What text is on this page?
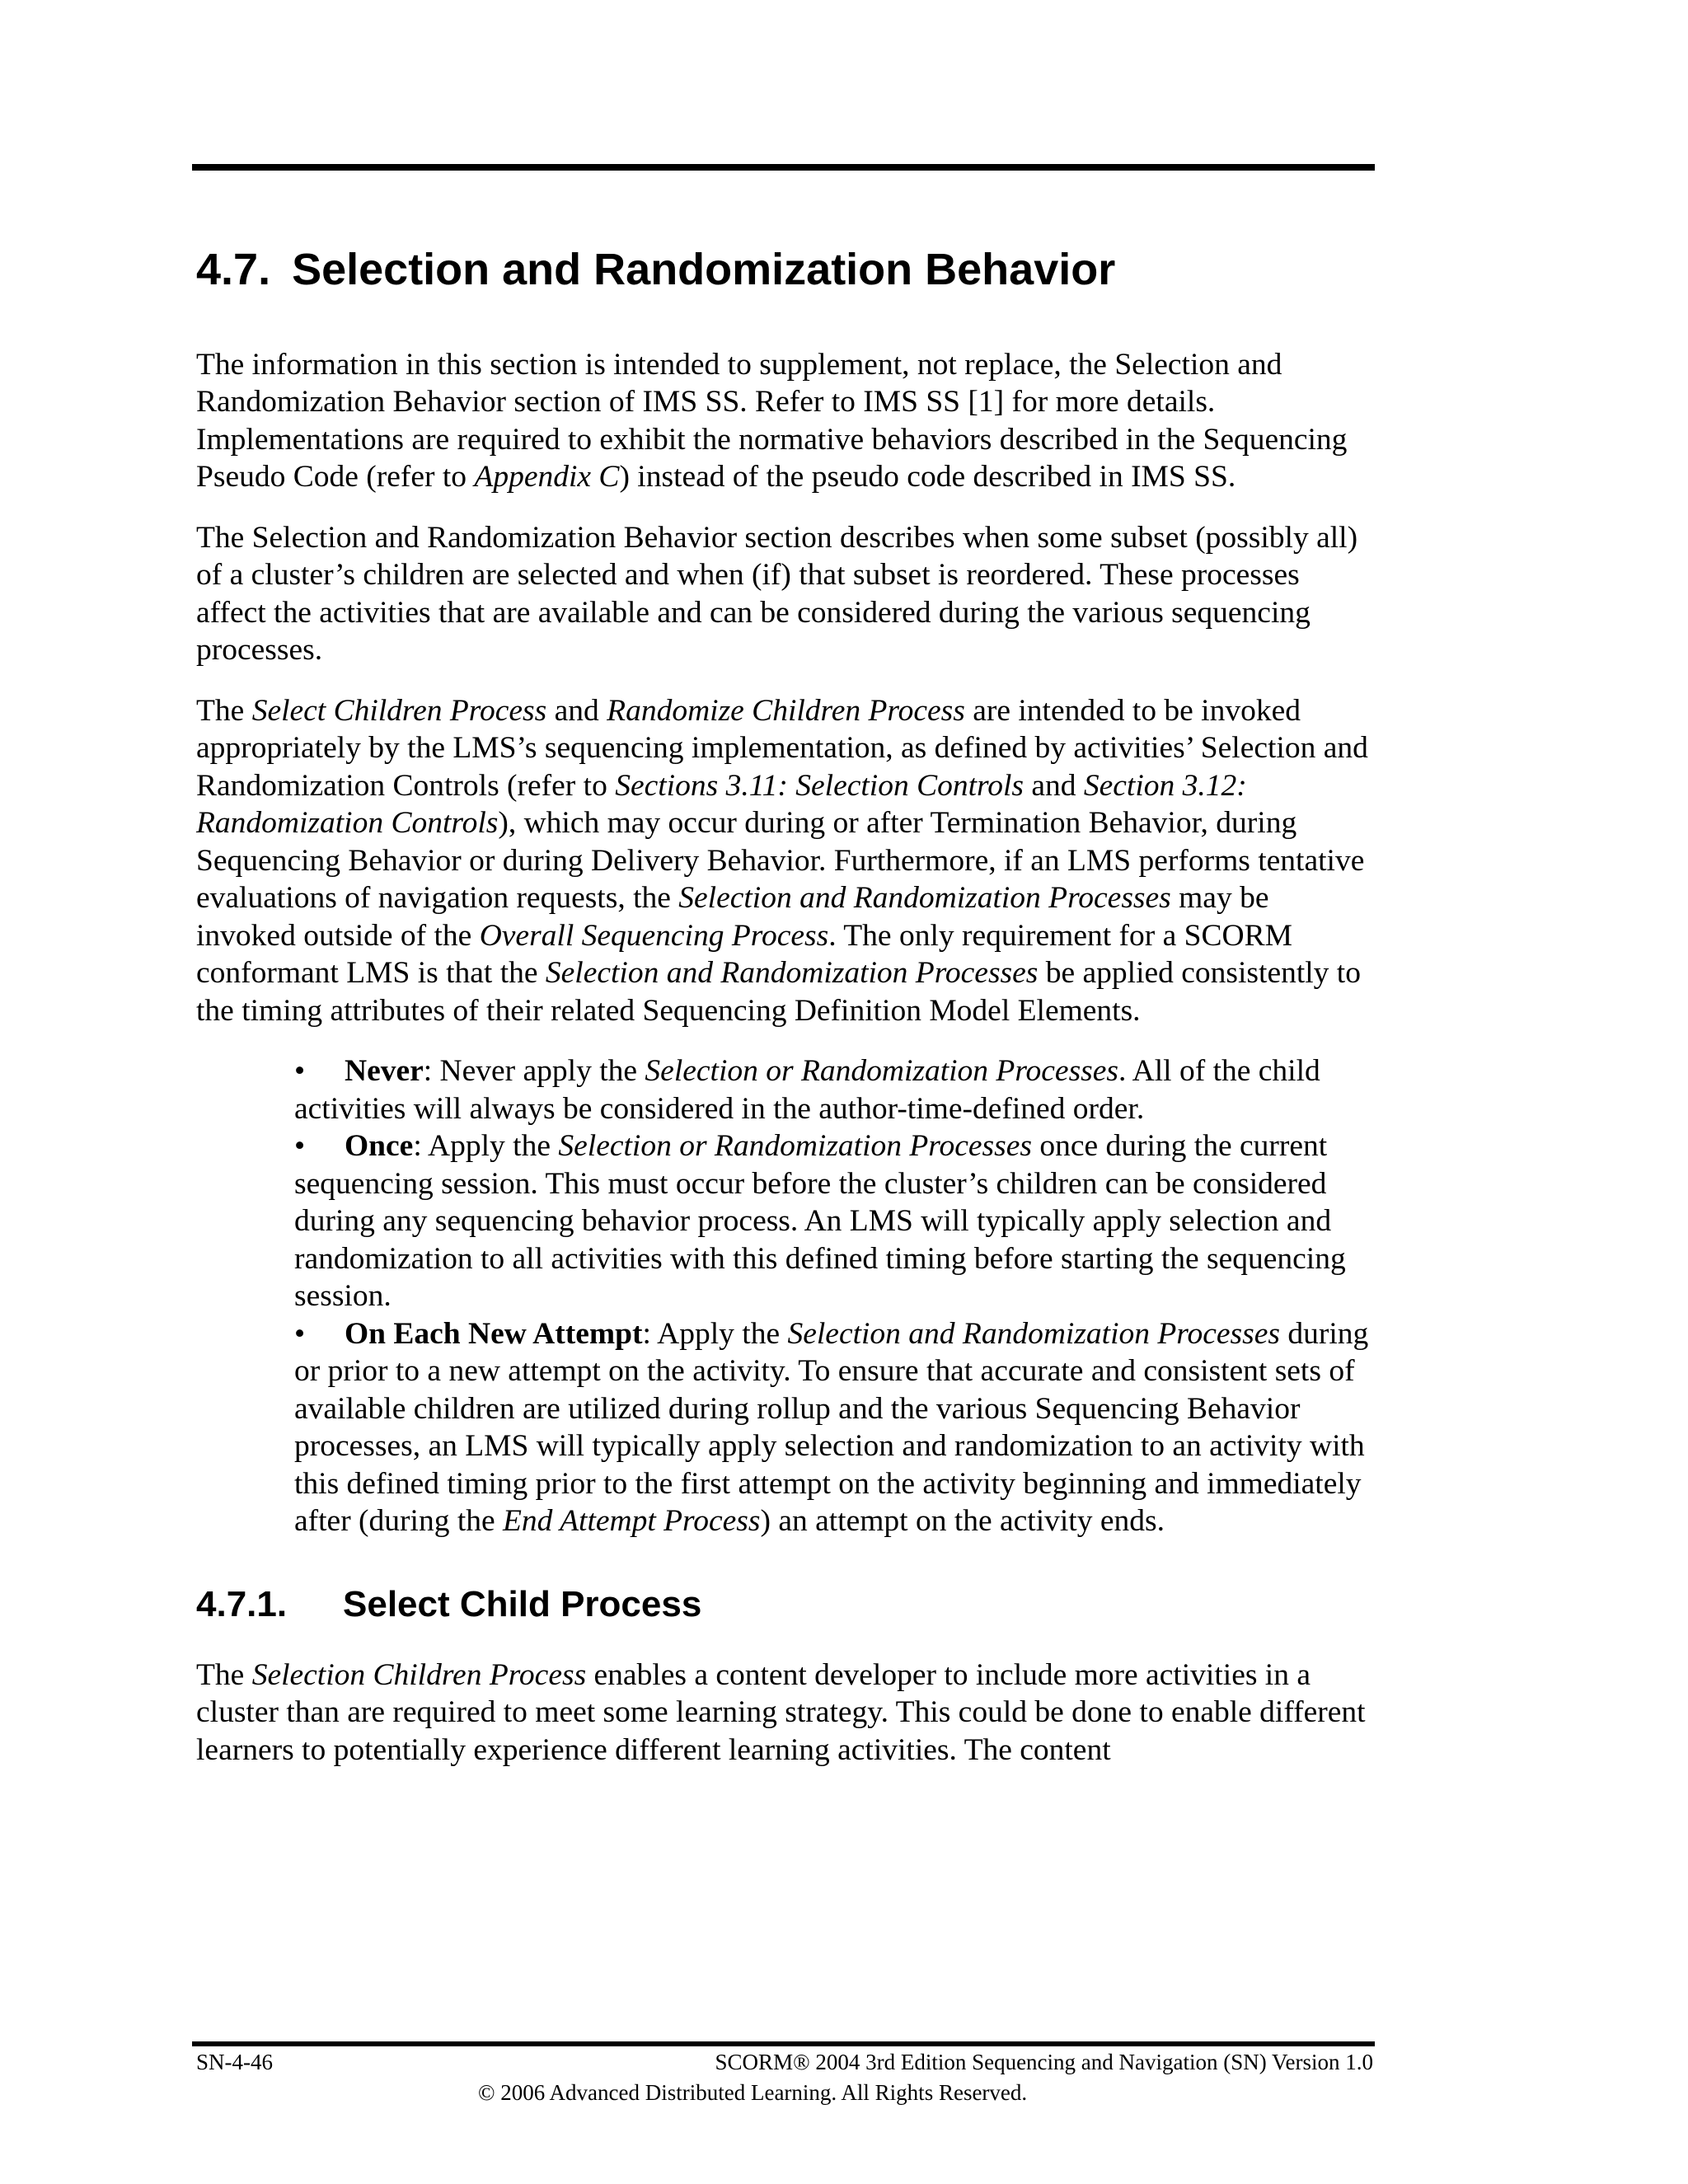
4.7. Selection and Randomization Behavior

The information in this section is intended to supplement, not replace, the Selection and Randomization Behavior section of IMS SS. Refer to IMS SS [1] for more details. Implementations are required to exhibit the normative behaviors described in the Sequencing Pseudo Code (refer to Appendix C) instead of the pseudo code described in IMS SS.

The Selection and Randomization Behavior section describes when some subset (possibly all) of a cluster’s children are selected and when (if) that subset is reordered. These processes affect the activities that are available and can be considered during the various sequencing processes.

The Select Children Process and Randomize Children Process are intended to be invoked appropriately by the LMS’s sequencing implementation, as defined by activities’ Selection and Randomization Controls (refer to Sections 3.11: Selection Controls and Section 3.12: Randomization Controls), which may occur during or after Termination Behavior, during Sequencing Behavior or during Delivery Behavior. Furthermore, if an LMS performs tentative evaluations of navigation requests, the Selection and Randomization Processes may be invoked outside of the Overall Sequencing Process. The only requirement for a SCORM conformant LMS is that the Selection and Randomization Processes be applied consistently to the timing attributes of their related Sequencing Definition Model Elements.

• Never: Never apply the Selection or Randomization Processes. All of the child activities will always be considered in the author-time-defined order.
• Once: Apply the Selection or Randomization Processes once during the current sequencing session. This must occur before the cluster’s children can be considered during any sequencing behavior process. An LMS will typically apply selection and randomization to all activities with this defined timing before starting the sequencing session.
• On Each New Attempt: Apply the Selection and Randomization Processes during or prior to a new attempt on the activity. To ensure that accurate and consistent sets of available children are utilized during rollup and the various Sequencing Behavior processes, an LMS will typically apply selection and randomization to an activity with this defined timing prior to the first attempt on the activity beginning and immediately after (during the End Attempt Process) an attempt on the activity ends.
4.7.1.	Select Child Process

The Selection Children Process enables a content developer to include more activities in a cluster than are required to meet some learning strategy. This could be done to enable different learners to potentially experience different learning activities. The content

SN-4-46	SCORM® 2004 3rd Edition Sequencing and Navigation (SN) Version 1.0
© 2006 Advanced Distributed Learning. All Rights Reserved.
